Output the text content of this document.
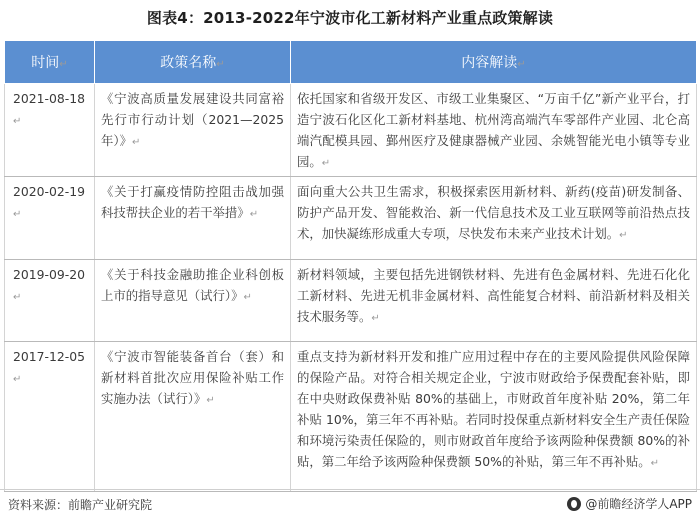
图表4：2013-2022年宁波市化工新材料产业重点政策解读
时间↵	政策名称↵	内容解读↵
2021-08-18↵	《宁波高质量发展建设共同富裕先行市行动计划（2021—2025年）》↵	依托国家和省级开发区、市级工业集聚区、“万亩千亿”新产业平台，打造宁波石化区化工新材料基地、杭州湾高端汽车零部件产业园、北仑高端汽配模具园、鄞州医疗及健康器械产业园、余姚智能光电小镇等专业园。↵
2020-02-19↵	《关于打赢疫情防控阻击战加强科技帮扶企业的若干举措》↵	面向重大公共卫生需求，积极探索医用新材料、新药(疫苗)研发制备、防护产品开发、智能救治、新一代信息技术及工业互联网等前沿热点技术，加快凝练形成重大专项，尽快发布未来产业技术计划。↵
2019-09-20↵	《关于科技金融助推企业科创板上市的指导意见（试行）》↵	新材料领域，主要包括先进钢铁材料、先进有色金属材料、先进石化化工新材料、先进无机非金属材料、高性能复合材料、前沿新材料及相关技术服务等。↵
2017-12-05↵	《宁波市智能装备首台（套）和新材料首批次应用保险补贴工作实施办法（试行）》↵	重点支持为新材料开发和推广应用过程中存在的主要风险提供风险保障的保险产品。对符合相关规定企业，宁波市财政给予保费配套补贴，即在中央财政保费补贴 80%的基础上，市财政首年度补贴 20%，第二年补贴 10%，第三年不再补贴。若同时投保重点新材料安全生产责任保险和环境污染责任保险的，则市财政首年度给予该两险种保费额 80%的补贴，第二年给予该两险种保费额 50%的补贴，第三年不再补贴。↵
资料来源：前瞻产业研究院	@前瞻经济学人APP
